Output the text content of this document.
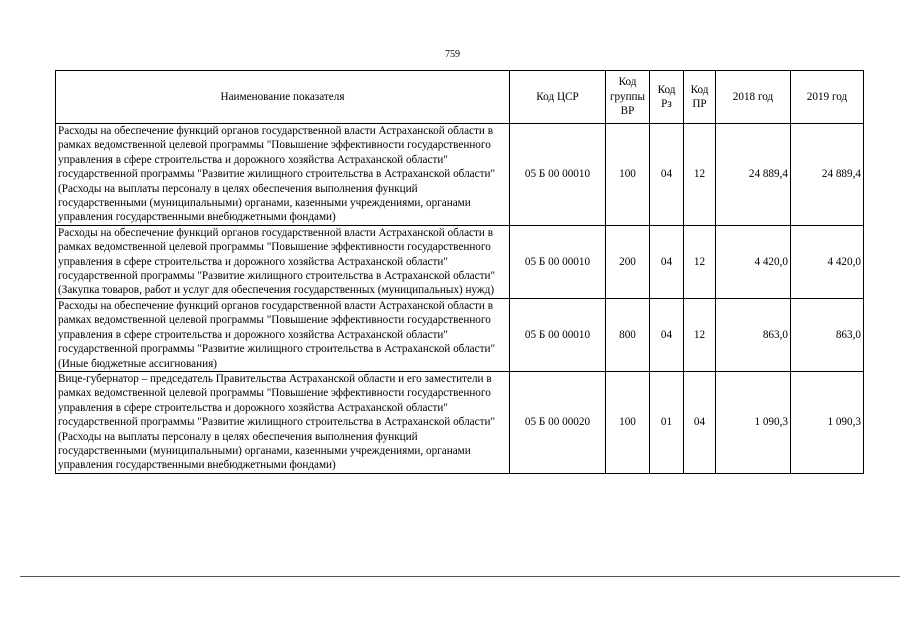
759
Наименование показателя	Код ЦСР	Код группы ВР	Код Рз	Код ПР	2018 год	2019 год
Расходы на обеспечение функций органов государственной власти Астраханской области в рамках ведомственной целевой программы "Повышение эффективности государственного управления в сфере строительства и дорожного хозяйства Астраханской области" государственной программы "Развитие жилищного строительства в Астраханской области" (Расходы на выплаты персоналу в целях обеспечения выполнения функций государственными (муниципальными) органами, казенными учреждениями, органами управления государственными внебюджетными фондами)	05 Б 00 00010	100	04	12	24 889,4	24 889,4
Расходы на обеспечение функций органов государственной власти Астраханской области в рамках ведомственной целевой программы "Повышение эффективности государственного управления в сфере строительства и дорожного хозяйства Астраханской области" государственной программы "Развитие жилищного строительства в Астраханской области" (Закупка товаров, работ и услуг для обеспечения государственных (муниципальных) нужд)	05 Б 00 00010	200	04	12	4 420,0	4 420,0
Расходы на обеспечение функций органов государственной власти Астраханской области в рамках ведомственной целевой программы "Повышение эффективности государственного управления в сфере строительства и дорожного хозяйства Астраханской области" государственной программы "Развитие жилищного строительства в Астраханской области" (Иные бюджетные ассигнования)	05 Б 00 00010	800	04	12	863,0	863,0
Вице-губернатор – председатель Правительства Астраханской области и его заместители в рамках ведомственной целевой программы "Повышение эффективности государственного управления в сфере строительства и дорожного хозяйства Астраханской области" государственной программы "Развитие жилищного строительства в Астраханской области" (Расходы на выплаты персоналу в целях обеспечения выполнения функций государственными (муниципальными) органами, казенными учреждениями, органами управления государственными внебюджетными фондами)	05 Б 00 00020	100	01	04	1 090,3	1 090,3
